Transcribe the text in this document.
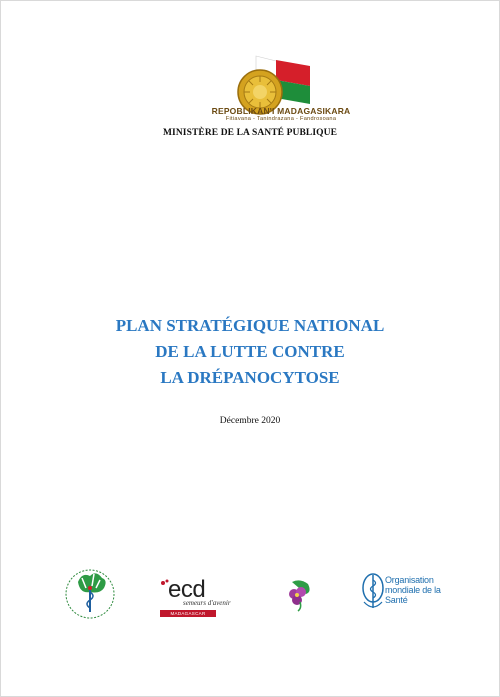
REPOBLIKAN'I MADAGASIKARA
Fitiavana - Tanindrazana - Fandrosoana
MINISTÈRE DE LA SANTÉ PUBLIQUE
PLAN STRATÉGIQUE NATIONAL
DE LA LUTTE CONTRE
LA DRÉPANOCYTOSE
Décembre 2020
ecd
semeurs d'avenir
MADAGASCAR
Organisation
mondiale de la Santé
